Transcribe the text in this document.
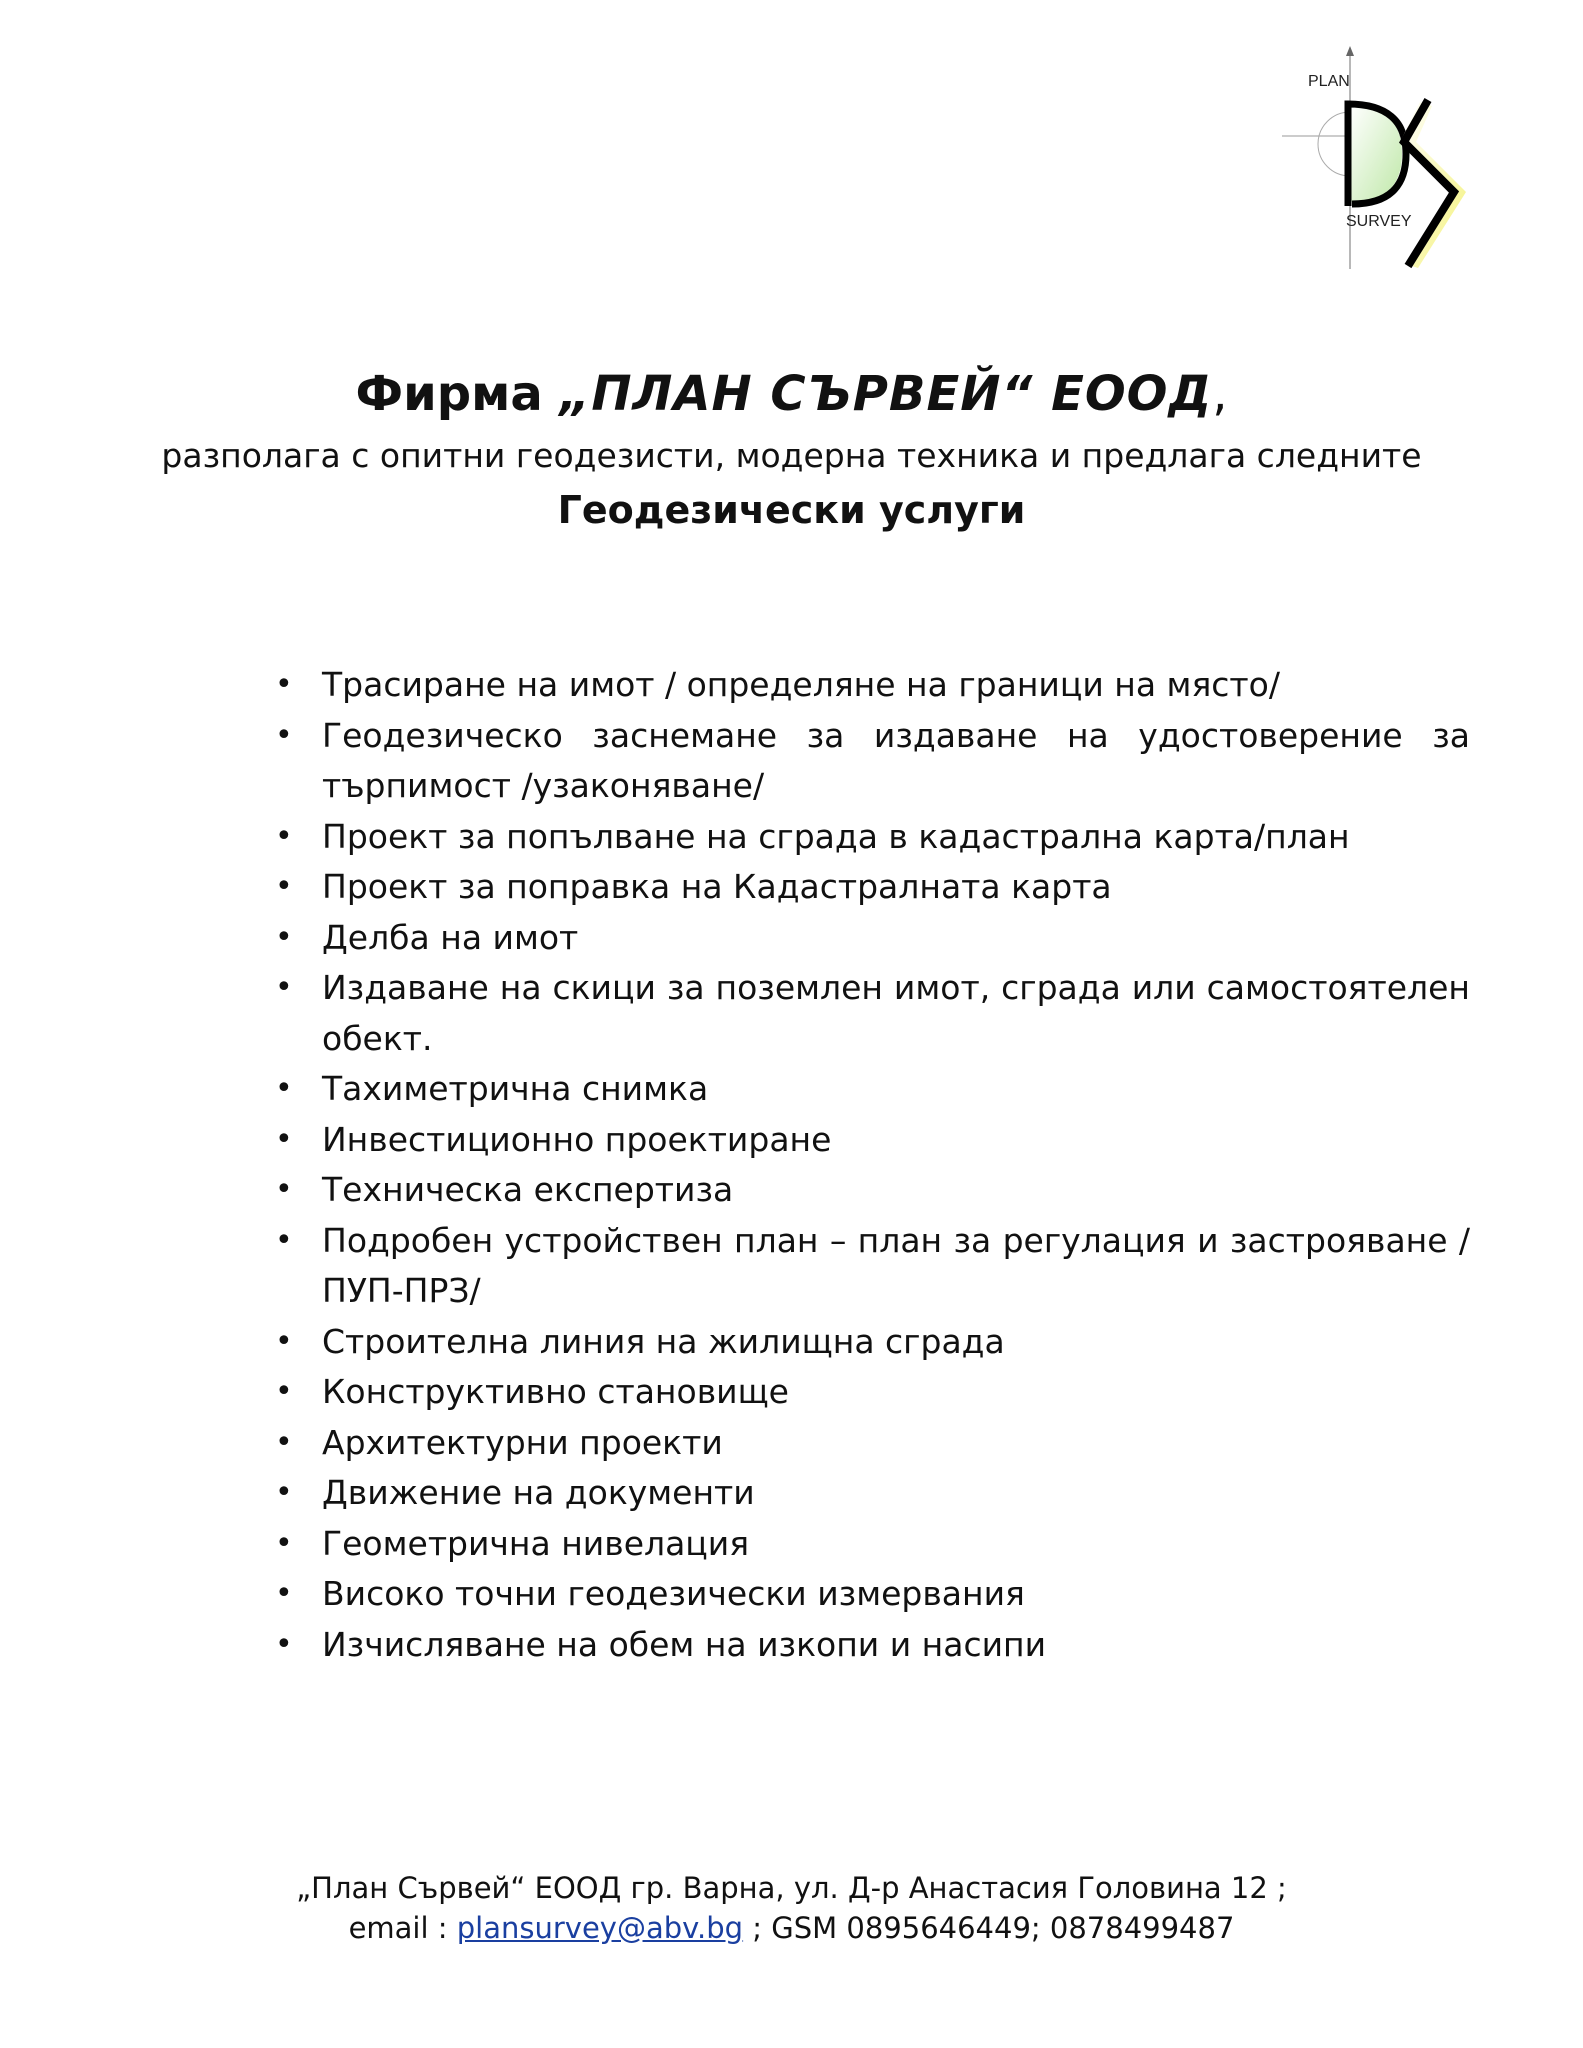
PLAN
SURVEY
Фирма „ПЛАН СЪРВЕЙ“ ЕООД,
разполага с опитни геодезисти, модерна техника и предлага следните
Геодезически услуги
• Трасиране на имот / определяне на граници на място/
• Геодезическо заснемане за издаване на удостоверение за търпимост /узаконяване/
• Проект за попълване на сграда в кадастрална карта/план
• Проект за поправка на Кадастралната карта
• Делба на имот
• Издаване на скици за поземлен имот, сграда или самостоятелен обект.
• Тахиметрична снимка
• Инвестиционно проектиране
• Техническа експертиза
• Подробен устройствен план – план за регулация и застрояване /ПУП-ПРЗ/
• Строителна линия на жилищна сграда
• Конструктивно становище
• Архитектурни проекти
• Движение на документи
• Геометрична нивелация
• Високо точни геодезически измервания
• Изчисляване на обем на изкопи и насипи
„План Сървей“ ЕООД гр. Варна, ул. Д-р Анастасия Головина 12 ;
email : plansurvey@abv.bg ; GSM 0895646449; 0878499487
